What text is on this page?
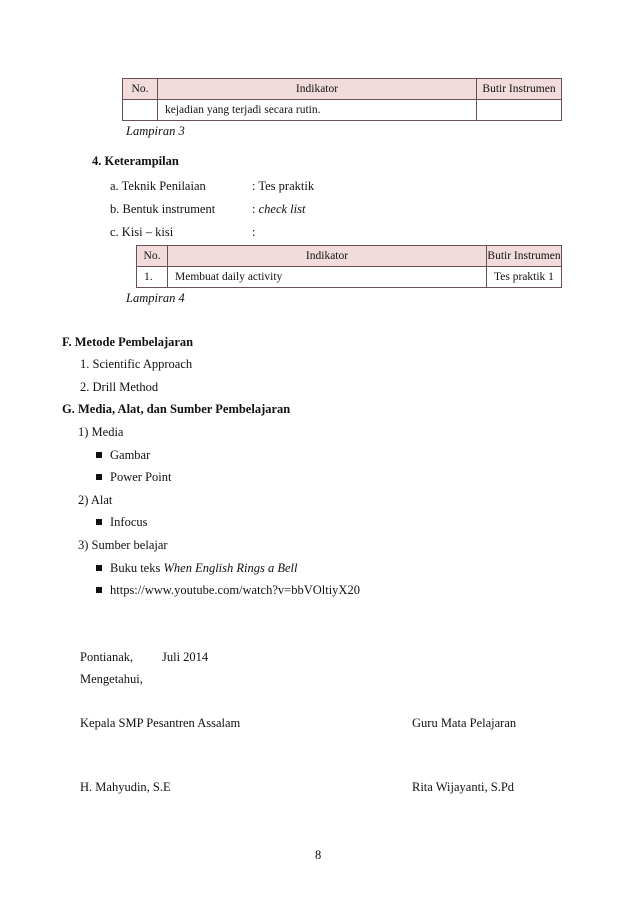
No.	Indikator	Butir Instrumen
	kejadian yang terjadi secara rutin.	
Lampiran 3
4. Keterampilan
a. Teknik Penilaian	: Tes praktik
b. Bentuk instrument	: check list
c. Kisi – kisi	:
No.	Indikator	Butir Instrumen
1.	Membuat daily activity	Tes praktik 1
Lampiran 4
F. Metode Pembelajaran
1. Scientific Approach
2. Drill Method
G. Media, Alat, dan Sumber Pembelajaran
1) Media
Gambar
Power Point
2) Alat
Infocus
3) Sumber belajar
Buku teks When English Rings a Bell
https://www.youtube.com/watch?v=bbVOltiyX20
Pontianak, Juli 2014
Mengetahui,
Kepala SMP Pesantren Assalam	Guru Mata Pelajaran
H. Mahyudin, S.E	Rita Wijayanti, S.Pd
8
